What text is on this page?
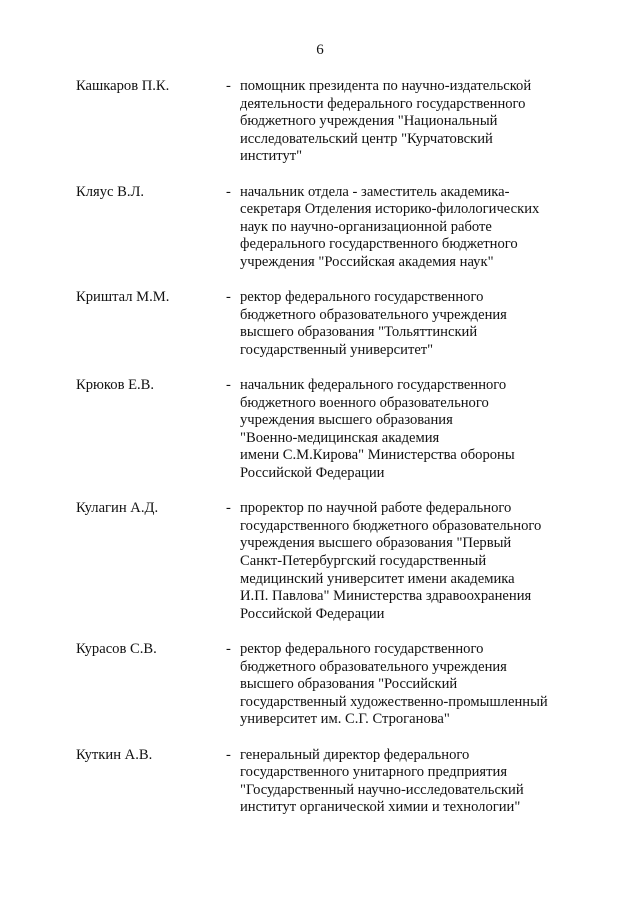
6
Кашкаров П.К.	- помощник президента по научно-издательской
деятельности федерального государственного
бюджетного учреждения "Национальный
исследовательский центр "Курчатовский
институт"
Кляус В.Л.	- начальник отдела - заместитель академика-
секретаря Отделения историко-филологических
наук по научно-организационной работе
федерального государственного бюджетного
учреждения "Российская академия наук"
Криштал М.М.	- ректор федерального государственного
бюджетного образовательного учреждения
высшего образования "Тольяттинский
государственный университет"
Крюков Е.В.	- начальник федерального государственного
бюджетного военного образовательного
учреждения высшего образования
"Военно-медицинская академия
имени С.М.Кирова" Министерства обороны
Российской Федерации
Кулагин А.Д.	- проректор по научной работе федерального
государственного бюджетного образовательного
учреждения высшего образования "Первый
Санкт-Петербургский государственный
медицинский университет имени академика
И.П. Павлова" Министерства здравоохранения
Российской Федерации
Курасов С.В.	- ректор федерального государственного
бюджетного образовательного учреждения
высшего образования "Российский
государственный художественно-промышленный
университет им. С.Г. Строганова"
Куткин А.В.	- генеральный директор федерального
государственного унитарного предприятия
"Государственный научно-исследовательский
институт органической химии и технологии"
